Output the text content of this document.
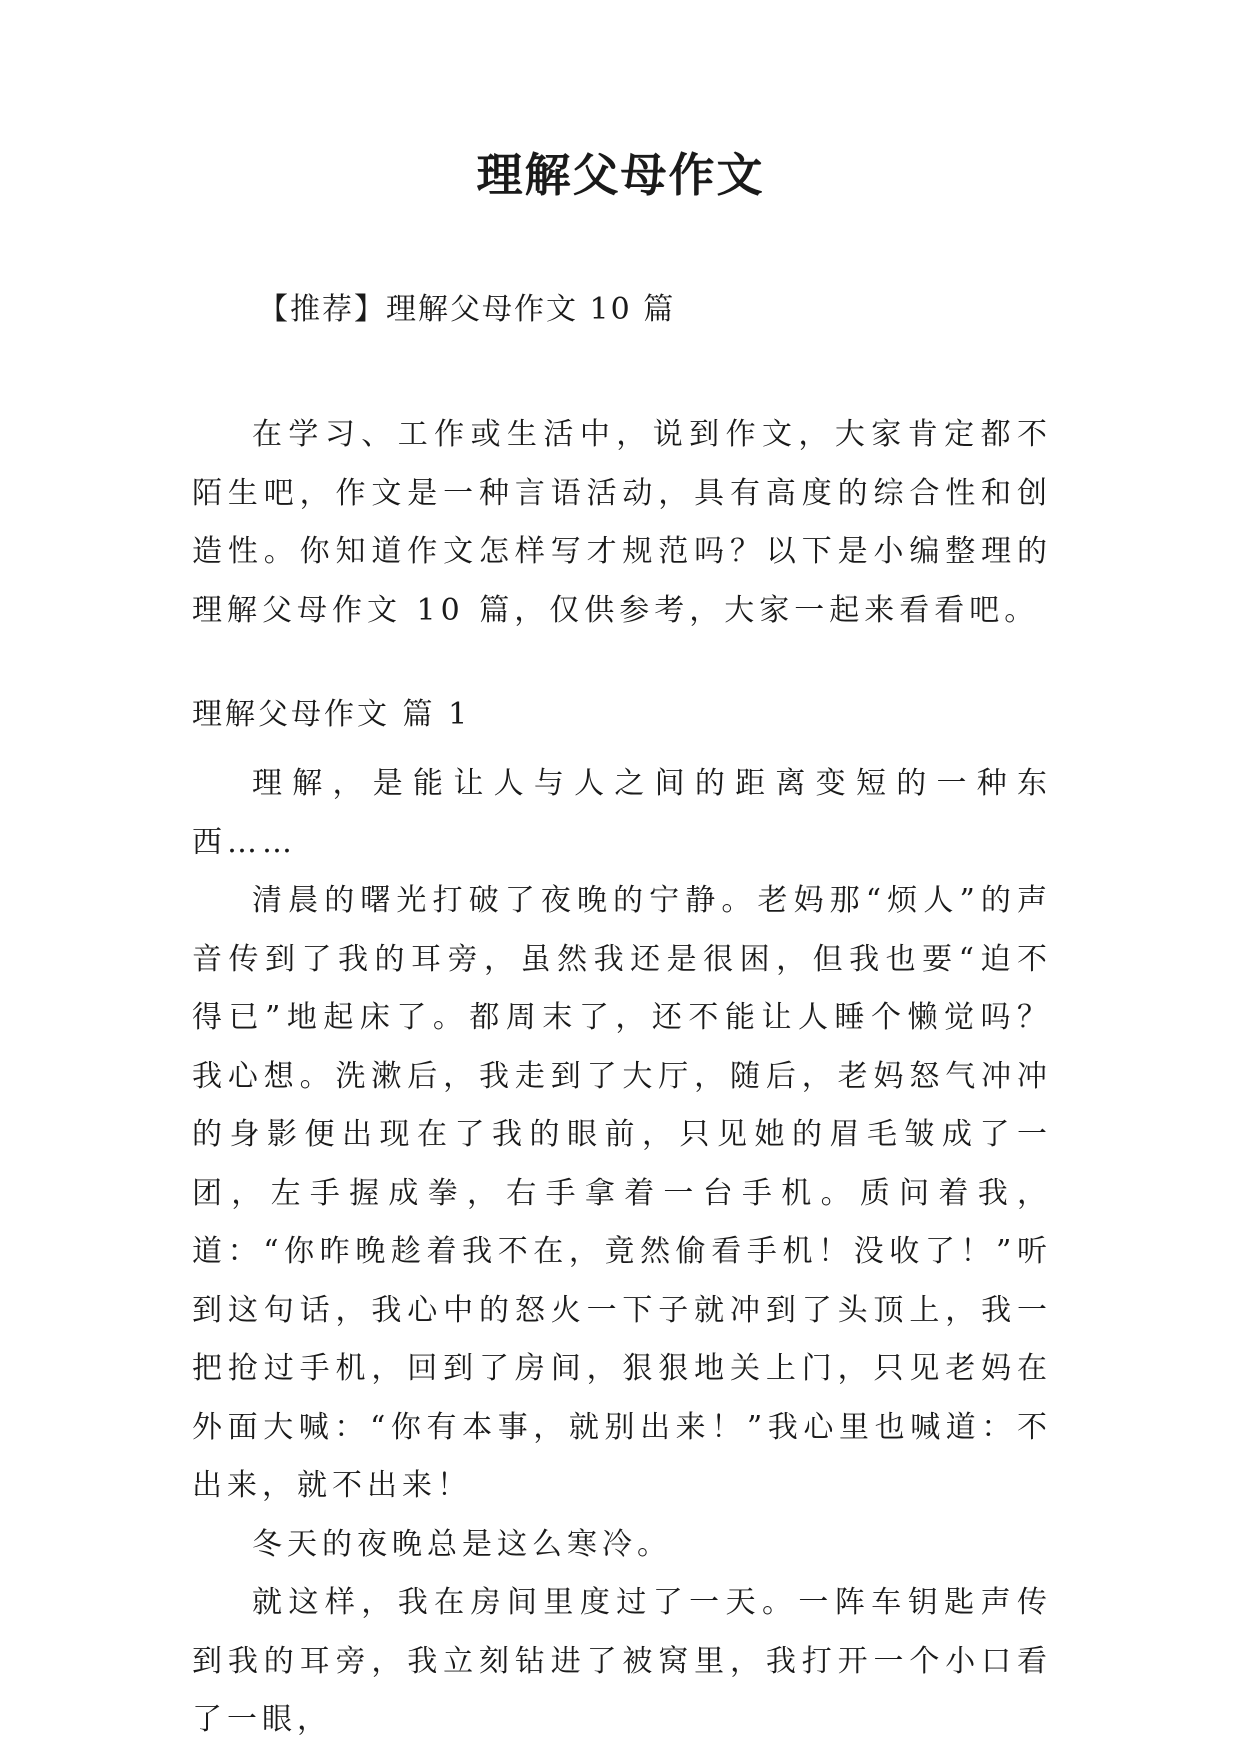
理解父母作文
【推荐】理解父母作文 10 篇

在学习、工作或生活中，说到作文，大家肯定都不陌生吧，作文是一种言语活动，具有高度的综合性和创造性。你知道作文怎样写才规范吗？以下是小编整理的理解父母作文 10 篇，仅供参考，大家一起来看看吧。

理解父母作文 篇 1

理解，是能让人与人之间的距离变短的一种东西……

清晨的曙光打破了夜晚的宁静。老妈那“烦人”的声音传到了我的耳旁，虽然我还是很困，但我也要“迫不得已”地起床了。都周末了，还不能让人睡个懒觉吗？我心想。洗漱后，我走到了大厅，随后，老妈怒气冲冲的身影便出现在了我的眼前，只见她的眉毛皱成了一团，左手握成拳，右手拿着一台手机。质问着我，道：“你昨晚趁着我不在，竟然偷看手机！没收了！”听到这句话，我心中的怒火一下子就冲到了头顶上，我一把抢过手机，回到了房间，狠狠地关上门，只见老妈在外面大喊：“你有本事，就别出来！”我心里也喊道：不出来，就不出来！

冬天的夜晚总是这么寒冷。

就这样，我在房间里度过了一天。一阵车钥匙声传到我的耳旁，我立刻钻进了被窝里，我打开一个小口看了一眼，
